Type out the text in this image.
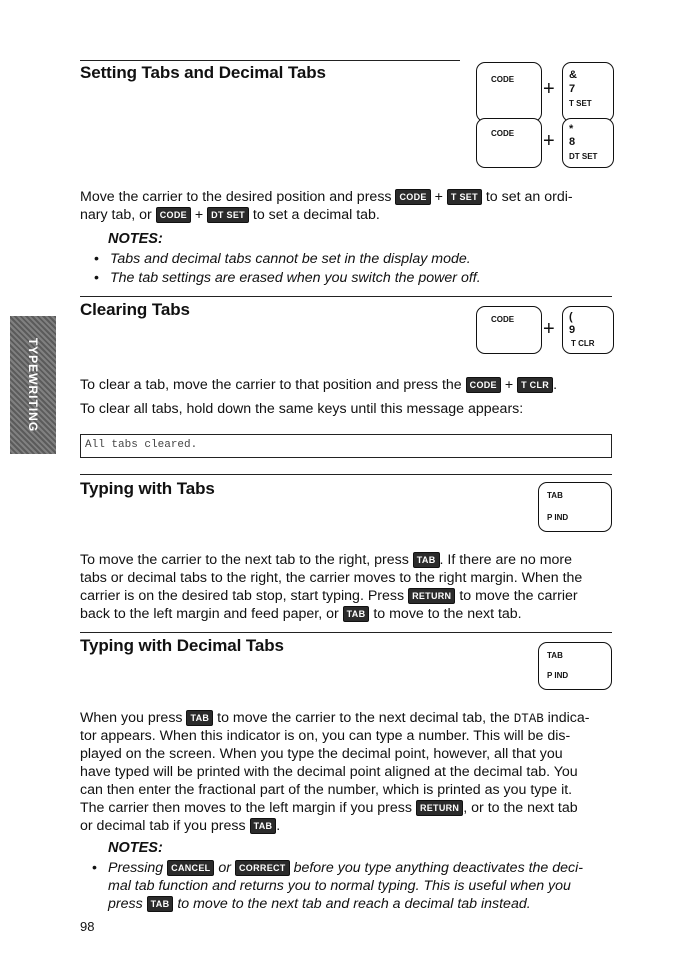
TYPEWRITING
Setting Tabs and Decimal Tabs	CODE +
&
7
T SET
CODE +
*
8
DT SET
Move the carrier to the desired position and press CODE + T SET to set an ordi-
nary tab, or CODE + DT SET to set a decimal tab.
NOTES:
• Tabs and decimal tabs cannot be set in the display mode.
• The tab settings are erased when you switch the power off.
Clearing Tabs
CODE +
(
9
T CLR
To clear a tab, move the carrier to that position and press the CODE + T CLR .
To clear all tabs, hold down the same keys until this message appears:
All tabs cleared.
Typing with Tabs	TAB
P IND
To move the carrier to the next tab to the right, press TAB . If there are no more
tabs or decimal tabs to the right, the carrier moves to the right margin. When the
carrier is on the desired tab stop, start typing. Press RETURN to move the carrier
back to the left margin and feed paper, or TAB to move to the next tab.
Typing with Decimal Tabs
TAB
P IND
When you press TAB to move the carrier to the next decimal tab, the DTAB indica-
tor appears. When this indicator is on, you can type a number. This will be dis-
played on the screen. When you type the decimal point, however, all that you
have typed will be printed with the decimal point aligned at the decimal tab. You
can then enter the fractional part of the number, which is printed as you type it.
The carrier then moves to the left margin if you press RETURN , or to the next tab
or decimal tab if you press TAB .
NOTES:
• Pressing CANCEL or CORRECT before you type anything deactivates the deci-
mal tab function and returns you to normal typing. This is useful when you
press TAB to move to the next tab and reach a decimal tab instead.
98
